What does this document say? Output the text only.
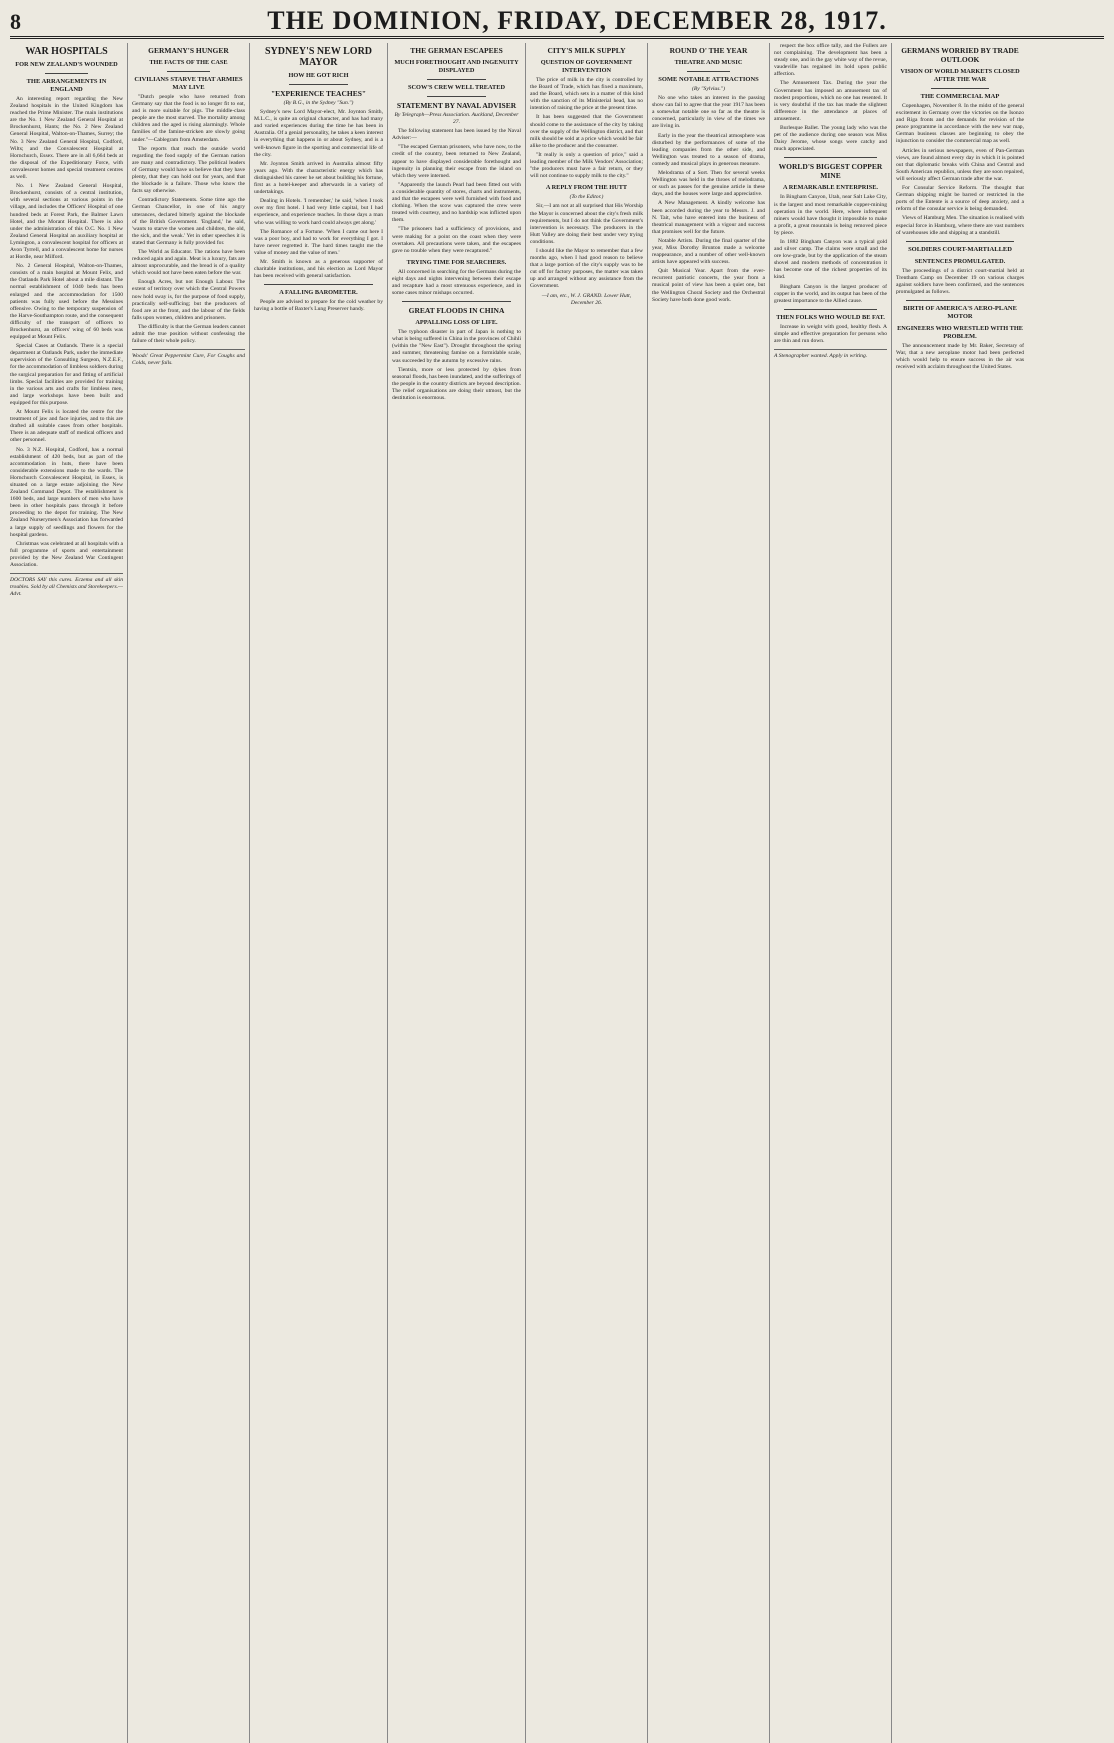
8	THE DOMINION, FRIDAY, DECEMBER 28, 1917.
WAR HOSPITALS
FOR NEW ZEALAND'S WOUNDED
THE ARRANGEMENTS IN ENGLAND

An interesting report regarding the New Zealand hospitals in the United Kingdom has reached the Prime Minister. The main institutions are the No. 1 New Zealand General Hospital at Brockenhurst, Hants; the No. 2 New Zealand General Hospital, Walton-on-Thames, Surrey; the No. 3 New Zealand General Hospital, Codford, Wilts; and the Convalescent Hospital at Hornchurch, Essex. There are in all 6,664 beds at the disposal of the Expeditionary Force, with convalescent homes and special treatment centres as well.

No. 1 New Zealand General Hospital, Brockenhurst, consists of a central institution, with several sections at various points in the village, and includes the Officers' Hospital of one hundred beds at Forest Park, the Balmer Lawn Hotel, and the Morant Hospital. There is also under the administration of this O.C. No. 1 New Zealand General Hospital an auxiliary hospital at Lymington, a convalescent hospital for officers at Avon Tyrrell, and a convalescent home for nurses at Hordle, near Milford.

No. 2 General Hospital, Walton-on-Thames, consists of a main hospital at Mount Felix, and the Oatlands Park Hotel about a mile distant. The normal establishment of 1040 beds has been enlarged and the accommodation for 1500 patients was fully used before the Messines offensive. Owing to the temporary suspension of the Harve-Southampton route, and the consequent difficulty of the transport of officers to Brockenhurst, an officers' wing of 60 beds was equipped at Mount Felix.

Special Cases at Oatlands. There is a special department at Oatlands Park, under the immediate supervision of the Consulting Surgeon, N.Z.E.F., for the accommodation of limbless soldiers during the surgical preparation for and fitting of artificial limbs. Special facilities are provided for training in the various arts and crafts for limbless men, and large workshops have been built and equipped for this purpose.

At Mount Felix is located the centre for the treatment of jaw and face injuries, and to this are drafted all suitable cases from other hospitals. There is an adequate staff of medical officers and other personnel.

No. 3 N.Z. Hospital, Codford, has a normal establishment of 420 beds, but as part of the accommodation in huts, there have been considerable extensions made to the wards. The Hornchurch Convalescent Hospital, in Essex, is situated on a large estate adjoining the New Zealand Command Depot. The establishment is 1600 beds, and large numbers of men who have been in other hospitals pass through it before proceeding to the depot for training. The New Zealand Nurserymen's Association has forwarded a large supply of seedlings and flowers for the hospital gardens.

Christmas was celebrated at all hospitals with a full programme of sports and entertainment provided by the New Zealand War Contingent Association.

DOCTORS SAY this cures. Eczema and all skin troubles. Sold by all Chemists and Storekeepers.—Advt.
GERMANY'S HUNGER
THE FACTS OF THE CASE
CIVILIANS STARVE THAT ARMIES MAY LIVE

"Dutch people who have returned from Germany say that the food is no longer fit to eat, and is more suitable for pigs. The middle-class people are the most starved. The mortality among children and the aged is rising alarmingly. Whole families of the famine-stricken are slowly going under."—Cablegram from Amsterdam.

The reports that reach the outside world regarding the food supply of the German nation are many and contradictory. The political leaders of Germany would have us believe that they have plenty, that they can hold out for years, and that the blockade is a failure. Those who know the facts say otherwise.

Contradictory Statements. Some time ago the German Chancellor, in one of his angry utterances, declared bitterly against the blockade of the British Government. 'England,' he said, 'wants to starve the women and children, the old, the sick, and the weak.' Yet in other speeches it is stated that Germany is fully provided for.

The World as Educator. The rations have been reduced again and again. Meat is a luxury, fats are almost unprocurable, and the bread is of a quality which would not have been eaten before the war.

Enough Acres, but not Enough Labour. The extent of territory over which the Central Powers now hold sway is, for the purpose of food supply, practically self-sufficing; but the producers of food are at the front, and the labour of the fields falls upon women, children and prisoners.

The difficulty is that the German leaders cannot admit the true position without confessing the failure of their whole policy.

Woods' Great Peppermint Cure, For Coughs and Colds, never fails.
SYDNEY'S NEW LORD MAYOR
HOW HE GOT RICH
"EXPERIENCE TEACHES"
(By B.G., in the Sydney "Sun.")

Sydney's new Lord Mayor-elect, Mr. Joynton Smith, M.L.C., is quite an original character, and has had many and varied experiences during the time he has been in Australia. Of a genial personality, he takes a keen interest in everything that happens in or about Sydney, and is a well-known figure in the sporting and commercial life of the city.

Mr. Joynton Smith arrived in Australia almost fifty years ago. With the characteristic energy which has distinguished his career he set about building his fortune, first as a hotel-keeper and afterwards in a variety of undertakings.

Dealing in Hotels. 'I remember,' he said, 'when I took over my first hotel. I had very little capital, but I had experience, and experience teaches. In those days a man who was willing to work hard could always get along.'

The Romance of a Fortune. 'When I came out here I was a poor boy, and had to work for everything I got. I have never regretted it. The hard times taught me the value of money and the value of men.'

Mr. Smith is known as a generous supporter of charitable institutions, and his election as Lord Mayor has been received with general satisfaction.

A FALLING BAROMETER.

People are advised to prepare for the cold weather by having a bottle of Baxter's Lung Preserver handy.

THE GERMAN ESCAPEES
MUCH FORETHOUGHT AND INGENUITY DISPLAYED
SCOW'S CREW WELL TREATED
STATEMENT BY NAVAL ADVISER
By Telegraph—Press Association. Auckland, December 27.

The following statement has been issued by the Naval Adviser:—

"The escaped German prisoners, who have now, to the credit of the country, been returned to New Zealand, appear to have displayed considerable forethought and ingenuity in planning their escape from the island on which they were interned.

"Apparently the launch Pearl had been fitted out with a considerable quantity of stores, charts and instruments, and that the escapees were well furnished with food and clothing. When the scow was captured the crew were treated with courtesy, and no hardship was inflicted upon them.

"The prisoners had a sufficiency of provisions, and were making for a point on the coast when they were overtaken. All precautions were taken, and the escapees gave no trouble when they were recaptured."

TRYING TIME FOR SEARCHERS.

All concerned in searching for the Germans during the eight days and nights intervening between their escape and recapture had a most strenuous experience, and in some cases minor mishaps occurred.

GREAT FLOODS IN CHINA
APPALLING LOSS OF LIFE.

The typhoon disaster in part of Japan is nothing to what is being suffered in China in the provinces of Chihli (within the "New East"). Drought throughout the spring and summer, threatening famine on a formidable scale, was succeeded by the autumn by excessive rains.

Tientsin, more or less protected by dykes from seasonal floods, has been inundated, and the sufferings of the people in the country districts are beyond description. The relief organisations are doing their utmost, but the destitution is enormous.

CITY'S MILK SUPPLY
QUESTION OF GOVERNMENT INTERVENTION

The price of milk in the city is controlled by the Board of Trade, which has fixed a maximum, and the Board, which sets in a matter of this kind with the sanction of its Ministerial head, has no intention of raising the price at the present time.

It has been suggested that the Government should come to the assistance of the city by taking over the supply of the Wellington district, and that milk should be sold at a price which would be fair alike to the producer and the consumer.

"It really is only a question of price," said a leading member of the Milk Vendors' Association; "the producers must have a fair return, or they will not continue to supply milk to the city."

A REPLY FROM THE HUTT
(To the Editor.)

Sir,—I am not at all surprised that His Worship the Mayor is concerned about the city's fresh milk requirements, but I do not think the Government's intervention is necessary. The producers in the Hutt Valley are doing their best under very trying conditions.

I should like the Mayor to remember that a few months ago, when I had good reason to believe that a large portion of the city's supply was to be cut off for factory purposes, the matter was taken up and arranged without any assistance from the Government.

—I am, etc., W. J. GRAND. Lower Hutt, December 26.
ROUND O' THE YEAR
THEATRE AND MUSIC
SOME NOTABLE ATTRACTIONS
(By "Sylvius.")

No one who takes an interest in the passing show can fail to agree that the year 1917 has been a somewhat notable one so far as the theatre is concerned, particularly in view of the times we are living in.

Early in the year the theatrical atmosphere was disturbed by the performances of some of the leading companies from the other side, and Wellington was treated to a season of drama, comedy and musical plays in generous measure.

Melodrama of a Sort. Then for several weeks Wellington was held in the throes of melodrama, or such as passes for the genuine article in these days, and the houses were large and appreciative.

A New Management. A kindly welcome has been accorded during the year to Messrs. J. and N. Tait, who have entered into the business of theatrical management with a vigour and success that promises well for the future.

Notable Artists. During the final quarter of the year, Miss Dorothy Brunton made a welcome reappearance, and a number of other well-known artists have appeared with success.

Quit Musical Year. Apart from the ever-recurrent patriotic concerts, the year from a musical point of view has been a quiet one, but the Wellington Choral Society and the Orchestral Society have both done good work.

respect the box office tally, and the Fullers are not complaining. The development has been a steady one, and in the gay white way of the revue, vaudeville has regained its hold upon public affection.

The Amusement Tax. During the year the Government has imposed an amusement tax of modest proportions, which no one has resented. It is very doubtful if the tax has made the slightest difference in the attendance at places of amusement.

Burlesque Ballet. The young lady who was the pet of the audience during one season was Miss Daisy Jerome, whose songs were catchy and much appreciated.

WORLD'S BIGGEST COPPER MINE
A REMARKABLE ENTERPRISE.

In Bingham Canyon, Utah, near Salt Lake City, is the largest and most remarkable copper-mining operation in the world. Here, where infrequent miners would have thought it impossible to make a profit, a great mountain is being removed piece by piece.

In 1882 Bingham Canyon was a typical gold and silver camp. The claims were small and the ore low-grade, but by the application of the steam shovel and modern methods of concentration it has become one of the richest properties of its kind.

Bingham Canyon is the largest producer of copper in the world, and its output has been of the greatest importance to the Allied cause.

THEN FOLKS WHO WOULD BE FAT.

Increase in weight with good, healthy flesh. A simple and effective preparation for persons who are thin and run down.

A Stenographer wanted. Apply in writing.
GERMANS WORRIED BY TRADE OUTLOOK
VISION OF WORLD MARKETS CLOSED AFTER THE WAR
THE COMMERCIAL MAP

Copenhagen, November 8. In the midst of the general excitement in Germany over the victories on the Isonzo and Riga fronts and the demands for revision of the peace programme in accordance with the new war map, German business classes are beginning to obey the injunction to consider the commercial map as well.

Articles in serious newspapers, even of Pan-German views, are found almost every day in which it is pointed out that diplomatic breaks with China and Central and South American republics, unless they are soon repaired, will seriously affect German trade after the war.

For Consular Service Reform. The thought that German shipping might be barred or restricted in the ports of the Entente is a source of deep anxiety, and a reform of the consular service is being demanded.

Views of Hamburg Men. The situation is realised with especial force in Hamburg, where there are vast numbers of warehouses idle and shipping at a standstill.

SOLDIERS COURT-MARTIALLED
SENTENCES PROMULGATED.

The proceedings of a district court-martial held at Trentham Camp on December 19 on various charges against soldiers have been confirmed, and the sentences promulgated as follows.

BIRTH OF AMERICA'S AERO-PLANE MOTOR
ENGINEERS WHO WRESTLED WITH THE PROBLEM.

The announcement made by Mr. Baker, Secretary of War, that a new aeroplane motor had been perfected which would help to ensure success in the air was received with acclaim throughout the United States.
